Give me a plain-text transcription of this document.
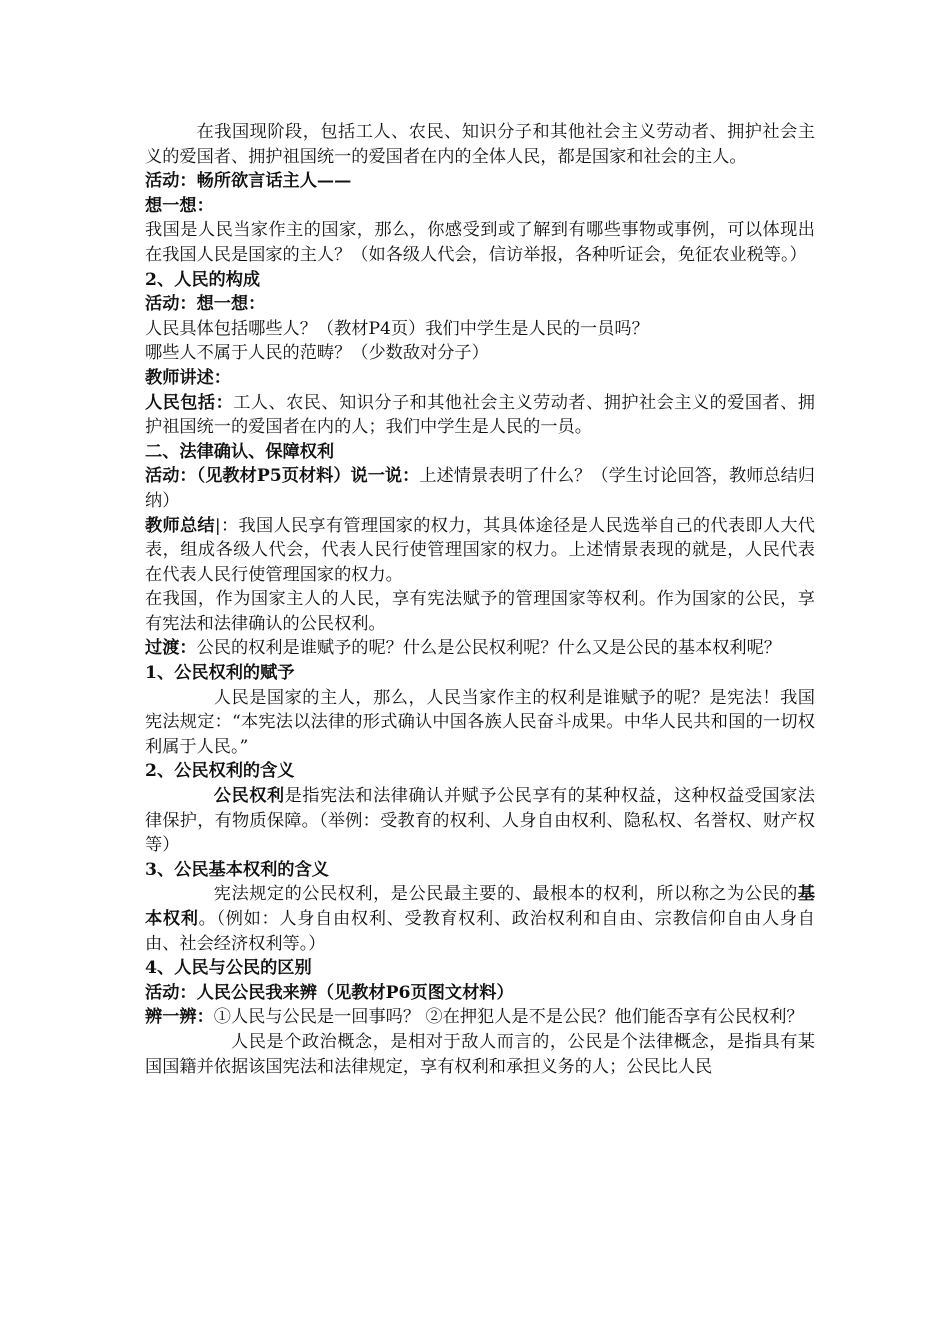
在我国现阶段，包括工人、农民、知识分子和其他社会主义劳动者、拥护社会主义的爱国者、拥护祖国统一的爱国者在内的全体人民，都是国家和社会的主人。

活动：畅所欲言话主人——

想一想：

我国是人民当家作主的国家，那么，你感受到或了解到有哪些事物或事例，可以体现出在我国人民是国家的主人？（如各级人代会，信访举报，各种听证会，免征农业税等。）

2、人民的构成

活动：想一想：

人民具体包括哪些人？（教材P4页）我们中学生是人民的一员吗？

哪些人不属于人民的范畴？（少数敌对分子）

教师讲述：

人民包括：工人、农民、知识分子和其他社会主义劳动者、拥护社会主义的爱国者、拥护祖国统一的爱国者在内的人；我们中学生是人民的一员。

二、法律确认、保障权利

活动：（见教材P5页材料）说一说：上述情景表明了什么？（学生讨论回答，教师总结归纳）

教师总结|：我国人民享有管理国家的权力，其具体途径是人民选举自己的代表即人大代表，组成各级人代会，代表人民行使管理国家的权力。上述情景表现的就是，人民代表在代表人民行使管理国家的权力。

在我国，作为国家主人的人民，享有宪法赋予的管理国家等权利。作为国家的公民，享有宪法和法律确认的公民权利。

过渡：公民的权利是谁赋予的呢？什么是公民权利呢？什么又是公民的基本权利呢？

1、公民权利的赋予

人民是国家的主人，那么，人民当家作主的权利是谁赋予的呢？是宪法！我国宪法规定：“本宪法以法律的形式确认中国各族人民奋斗成果。中华人民共和国的一切权利属于人民。”

2、公民权利的含义

公民权利是指宪法和法律确认并赋予公民享有的某种权益，这种权益受国家法律保护，有物质保障。（举例：受教育的权利、人身自由权利、隐私权、名誉权、财产权等）

3、公民基本权利的含义

宪法规定的公民权利，是公民最主要的、最根本的权利，所以称之为公民的基本权利。（例如：人身自由权利、受教育权利、政治权利和自由、宗教信仰自由人身自由、社会经济权利等。）

4、人民与公民的区别

活动：人民公民我来辨（见教材P6页图文材料）

辨一辨：①人民与公民是一回事吗？ ②在押犯人是不是公民？他们能否享有公民权利？

人民是个政治概念，是相对于敌人而言的，公民是个法律概念，是指具有某国国籍并依据该国宪法和法律规定，享有权利和承担义务的人；公民比人民
